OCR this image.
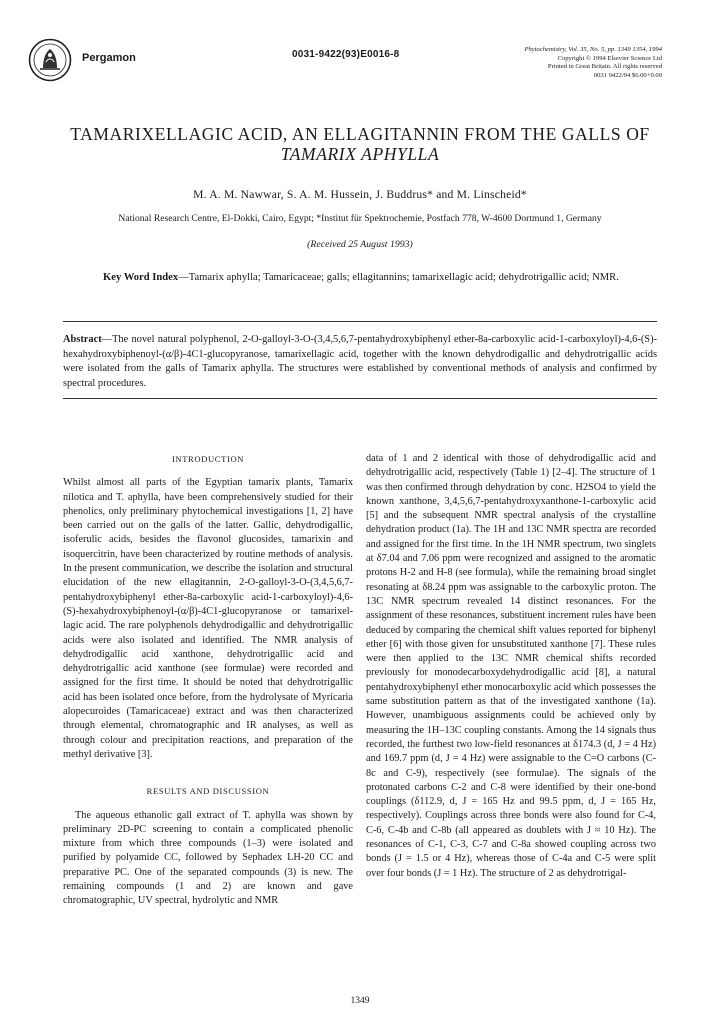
Pergamon	0031-9422(93)E0016-8	Phytochemistry, Vol. 35, No. 5, pp. 1349 1354, 1994
Copyright © 1994 Elsevier Science Ltd
Printed in Great Britain. All rights reserved
0031 9422/94 $6.00+0.00
TAMARIXELLAGIC ACID, AN ELLAGITANNIN FROM THE GALLS OF
TAMARIX APHYLLA
M. A. M. Nawwar, S. A. M. Hussein, J. Buddrus* and M. Linscheid*
National Research Centre, El-Dokki, Cairo, Egypt; *Institut für Spektrochemie, Postfach 778, W-4600 Dortmund 1, Germany
(Received 25 August 1993)
Key Word Index—Tamarix aphylla; Tamaricaceae; galls; ellagitannins; tamarixellagic acid; dehydrotrigallic acid; NMR.
Abstract—The novel natural polyphenol, 2-O-galloyl-3-O-(3,4,5,6,7-pentahydroxybiphenyl ether-8a-carboxylic acid-1-carboxyloyl)-4,6-(S)-hexahydroxybiphenoyl-(α/β)-4C1-glucopyranose, tamarixellagic acid, together with the known dehydrodigallic and dehydrotrigallic acids were isolated from the galls of Tamarix aphylla. The structures were established by conventional methods of analysis and confirmed by spectral procedures.

INTRODUCTION

Whilst almost all parts of the Egyptian tamarix plants, Tamarix nilotica and T. aphylla, have been comprehensively studied for their phenolics, only preliminary phytochemical investigations [1, 2] have been carried out on the galls of the latter. Gallic, dehydrodigallic, isoferulic acids, besides the flavonol glucosides, tamarixin and isoquercitrin, have been characterized by routine methods of analysis. In the present communication, we describe the isolation and structural elucidation of the new ellagitannin, 2-O-galloyl-3-O-(3,4,5,6,7-pentahydroxybiphenyl ether-8a-carboxylic acid-1-carboxyloyl)-4,6-(S)-hexahydroxybiphenoyl-(α/β)-4C1-glucopyranose or tamarixel-lagic acid. The rare polyphenols dehydrodigallic and dehydrotrigallic acids were also isolated and identified. The NMR analysis of dehydrodigallic acid xanthone, dehydrotrigallic acid and dehydrotrigallic acid xanthone (see formulae) were recorded and assigned for the first time. It should be noted that dehydrotrigallic acid has been isolated once before, from the hydrolysate of Myricaria alopecuroides (Tamaricaceae) extract and was then characterized through elemental, chromatographic and IR analyses, as well as through colour and precipitation reactions, and preparation of the methyl derivative [3].

RESULTS AND DISCUSSION

The aqueous ethanolic gall extract of T. aphylla was shown by preliminary 2D-PC screening to contain a complicated phenolic mixture from which three compounds (1–3) were isolated and purified by polyamide CC, followed by Sephadex LH-20 CC and preparative PC. One of the separated compounds (3) is new. The remaining compounds (1 and 2) are known and gave chromatographic, UV spectral, hydrolytic and NMR

data of 1 and 2 identical with those of dehydrodigallic acid and dehydrotrigallic acid, respectively (Table 1) [2–4]. The structure of 1 was then confirmed through dehydration by conc. H2SO4 to yield the known xanthone, 3,4,5,6,7-pentahydroxyxanthone-1-carboxylic acid [5] and the subsequent NMR spectral analysis of the crystalline dehydration product (1a). The 1H and 13C NMR spectra are recorded and assigned for the first time. In the 1H NMR spectrum, two singlets at δ7.04 and 7.06 ppm were recognized and assigned to the aromatic protons H-2 and H-8 (see formula), while the remaining broad singlet resonating at δ8.24 ppm was assignable to the carboxylic proton. The 13C NMR spectrum revealed 14 distinct resonances. For the assignment of these resonances, substituent increment rules have been deduced by comparing the chemical shift values reported for biphenyl ether [6] with those given for unsubstituted xanthone [7]. These rules were then applied to the 13C NMR chemical shifts recorded previously for monodecarboxydehydrodigallic acid [8], a natural pentahydroxybiphenyl ether monocarboxylic acid which possesses the same substitution pattern as that of the investigated xanthone (1a). However, unambiguous assignments could be achieved only by measuring the 1H–13C coupling constants. Among the 14 signals thus recorded, the furthest two low-field resonances at δ174.3 (d, J = 4 Hz) and 169.7 ppm (d, J = 4 Hz) were assignable to the C=O carbons (C-8c and C-9), respectively (see formulae). The signals of the protonated carbons C-2 and C-8 were identified by their one-bond couplings (δ112.9, d, J = 165 Hz and 99.5 ppm, d, J = 165 Hz, respectively). Couplings across three bonds were also found for C-4, C-6, C-4b and C-8b (all appeared as doublets with J ≈ 10 Hz). The resonances of C-1, C-3, C-7 and C-8a showed coupling across two bonds (J = 1.5 or 4 Hz), whereas those of C-4a and C-5 were split over four bonds (J = 1 Hz). The structure of 2 as dehydrotrigal-

1349
